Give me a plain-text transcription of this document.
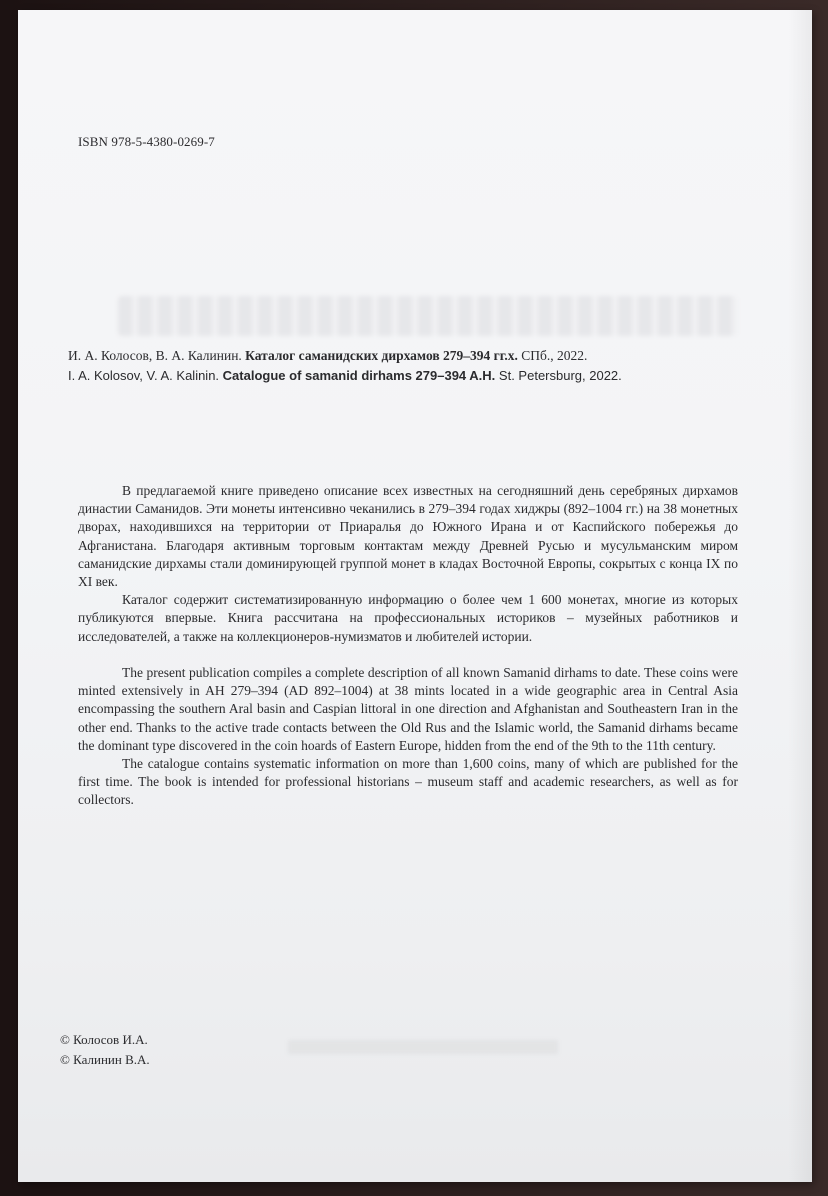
ISBN 978-5-4380-0269-7
И. А. Колосов, В. А. Калинин. Каталог саманидских дирхамов 279–394 гг.х. СПб., 2022.
I. A. Kolosov, V. A. Kalinin. Catalogue of samanid dirhams 279–394 A.H. St. Petersburg, 2022.

В предлагаемой книге приведено описание всех известных на сегодняшний день серебряных дирхамов династии Саманидов. Эти монеты интенсивно чеканились в 279–394 годах хиджры (892–1004 гг.) на 38 монетных дворах, находившихся на территории от Приаралья до Южного Ирана и от Каспийского побережья до Афганистана. Благодаря активным торговым контактам между Древней Русью и мусульманским миром саманидские дирхамы стали доминирующей группой монет в кладах Восточной Европы, сокрытых с конца IX по XI век.

Каталог содержит систематизированную информацию о более чем 1 600 монетах, многие из которых публикуются впервые. Книга рассчитана на профессиональных историков – музейных работников и исследователей, а также на коллекционеров-нумизматов и любителей истории.

The present publication compiles a complete description of all known Samanid dirhams to date. These coins were minted extensively in AH 279–394 (AD 892–1004) at 38 mints located in a wide geographic area in Central Asia encompassing the southern Aral basin and Caspian littoral in one direction and Afghanistan and Southeastern Iran in the other end. Thanks to the active trade contacts between the Old Rus and the Islamic world, the Samanid dirhams became the dominant type discovered in the coin hoards of Eastern Europe, hidden from the end of the 9th to the 11th century.

The catalogue contains systematic information on more than 1,600 coins, many of which are published for the first time. The book is intended for professional historians – museum staff and academic researchers, as well as for collectors.

© Колосов И.А.
© Калинин В.А.
